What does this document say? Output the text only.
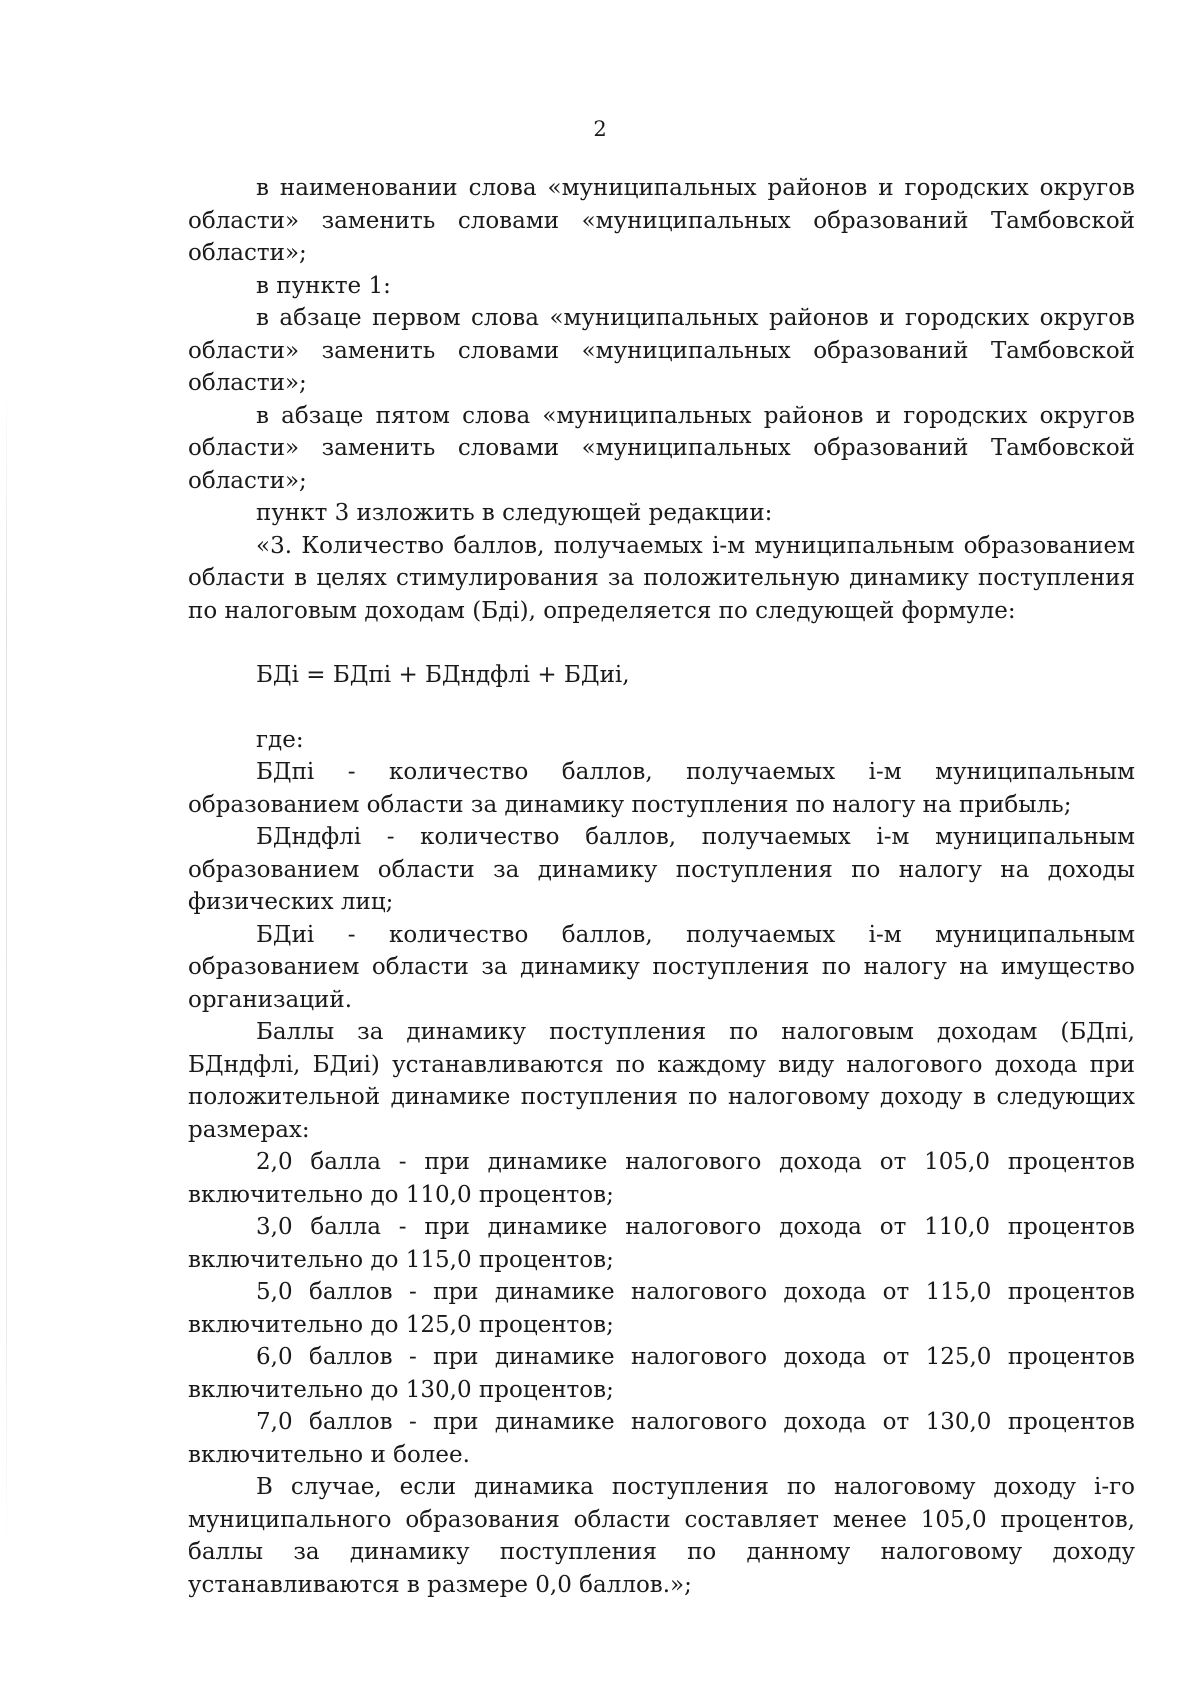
2

в наименовании слова «муниципальных районов и городских округов области» заменить словами «муниципальных образований Тамбовской области»;

в пункте 1:

в абзаце первом слова «муниципальных районов и городских округов области» заменить словами «муниципальных образований Тамбовской области»;

в абзаце пятом слова «муниципальных районов и городских округов области» заменить словами «муниципальных образований Тамбовской области»;

пункт 3 изложить в следующей редакции:

«3. Количество баллов, получаемых i-м муниципальным образованием области в целях стимулирования за положительную динамику поступления по налоговым доходам (Бдi), определяется по следующей формуле:

БДi = БДпi + БДндфлi + БДиi,

где:

БДпi - количество баллов, получаемых i-м муниципальным образованием области за динамику поступления по налогу на прибыль;

БДндфлi - количество баллов, получаемых i-м муниципальным образованием области за динамику поступления по налогу на доходы физических лиц;

БДиi - количество баллов, получаемых i-м муниципальным образованием области за динамику поступления по налогу на имущество организаций.

Баллы за динамику поступления по налоговым доходам (БДпi, БДндфлi, БДиi) устанавливаются по каждому виду налогового дохода при положительной динамике поступления по налоговому доходу в следующих размерах:

2,0 балла - при динамике налогового дохода от 105,0 процентов включительно до 110,0 процентов;

3,0 балла - при динамике налогового дохода от 110,0 процентов включительно до 115,0 процентов;

5,0 баллов - при динамике налогового дохода от 115,0 процентов включительно до 125,0 процентов;

6,0 баллов - при динамике налогового дохода от 125,0 процентов включительно до 130,0 процентов;

7,0 баллов - при динамике налогового дохода от 130,0 процентов включительно и более.

В случае, если динамика поступления по налоговому доходу i-го муниципального образования области составляет менее 105,0 процентов, баллы за динамику поступления по данному налоговому доходу устанавливаются в размере 0,0 баллов.»;
